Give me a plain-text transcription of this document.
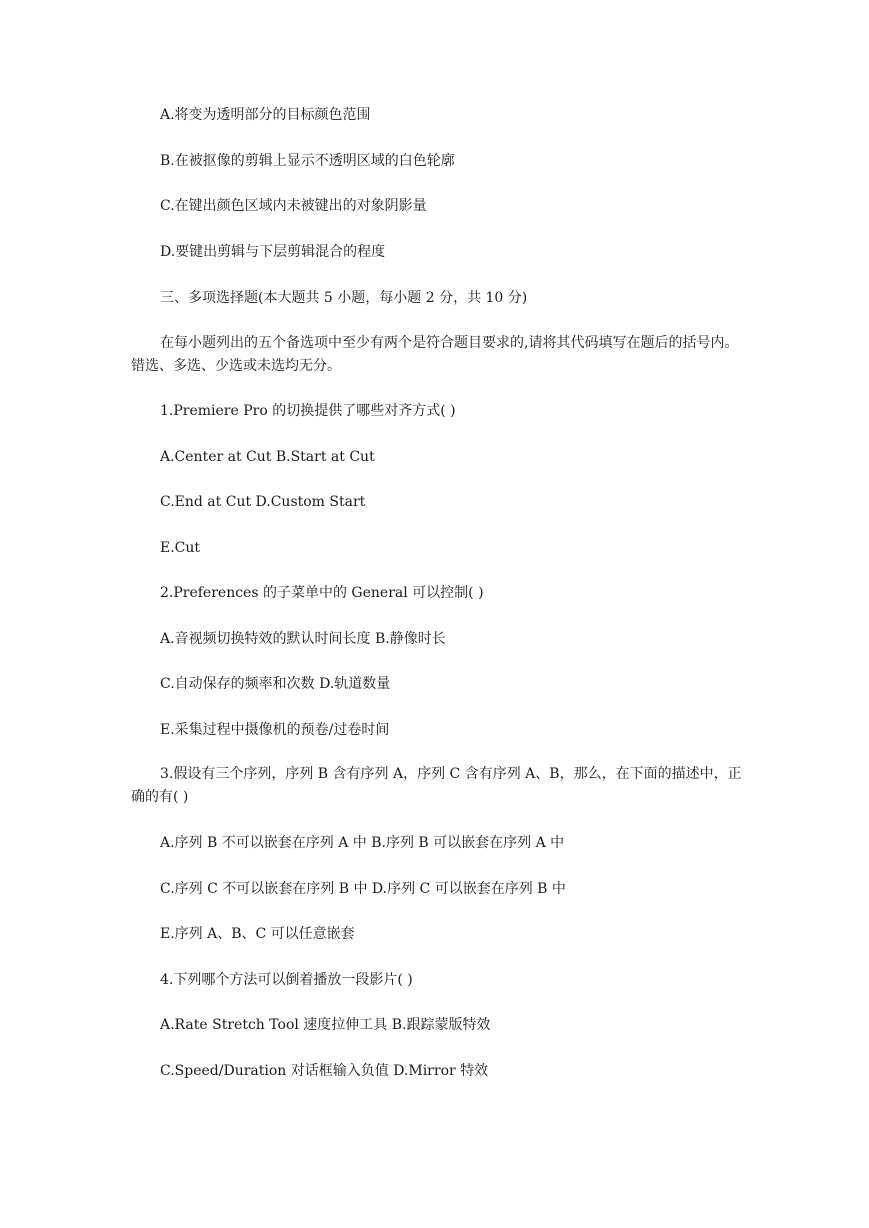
A.将变为透明部分的目标颜色范围
B.在被抠像的剪辑上显示不透明区域的白色轮廓
C.在键出颜色区域内未被键出的对象阴影量
D.要键出剪辑与下层剪辑混合的程度
三、多项选择题(本大题共 5 小题，每小题 2 分，共 10 分)
在每小题列出的五个备选项中至少有两个是符合题目要求的,请将其代码填写在题后的括号内。错选、多选、少选或未选均无分。
1.Premiere Pro 的切换提供了哪些对齐方式( )
A.Center at Cut B.Start at Cut
C.End at Cut D.Custom Start
E.Cut
2.Preferences 的子菜单中的 General 可以控制( )
A.音视频切换特效的默认时间长度 B.静像时长
C.自动保存的频率和次数 D.轨道数量
E.采集过程中摄像机的预卷/过卷时间
3.假设有三个序列，序列 B 含有序列 A，序列 C 含有序列 A、B，那么，在下面的描述中，正确的有( )
A.序列 B 不可以嵌套在序列 A 中 B.序列 B 可以嵌套在序列 A 中
C.序列 C 不可以嵌套在序列 B 中 D.序列 C 可以嵌套在序列 B 中
E.序列 A、B、C 可以任意嵌套
4.下列哪个方法可以倒着播放一段影片( )
A.Rate Stretch Tool 速度拉伸工具 B.跟踪蒙版特效
C.Speed/Duration 对话框输入负值 D.Mirror 特效
